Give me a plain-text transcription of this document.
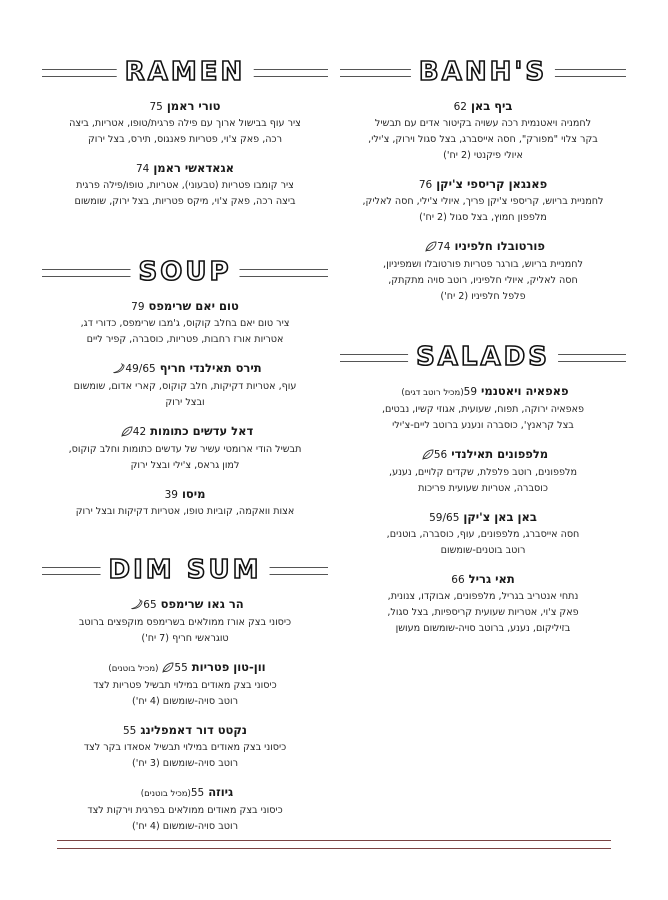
BANH'S
ביף באן62
לחמניה ויאטנמית רכה עשויה בקיטור אדים עם תבשיל
בקר צלוי "מפורק", חסה אייסברג, בצל סגול וירוק, צ'ילי,
איולי פיקנטי (2 יח')
פאנגאן קריספי צ'יקן76
לחמניית בריוש, קריספי צ'יקן פריך, איולי צ'ילי, חסה לאליק,
מלפפון חמוץ, בצל סגול (2 יח')
פורטובלו חלפיניו74
לחמניית בריוש, בורגר פטריות פורטובלו ושמפיניון,
חסה לאליק, איולי חלפיניו, רוטב סויה מתקתק,
פלפל חלפיניו (2 יח')
SALADS
פאפאיה ויאטנמי59(מכיל רוטב דגים)
פאפאיה ירוקה, תפוח, שעועית, אגוזי קשיו, נבטים,
בצל קראנץ', כוסברה ונענע ברוטב ליים-צ'ילי
מלפפונים תאילנדי56
מלפפונים, רוטב פלפלת, שקדים קלויים, נענע,
כוסברה, אטריות שעועית פריכות
באן באן צ'יקן59/65
חסה אייסברג, מלפפונים, עוף, כוסברה, בוטנים,
רוטב בוטנים-שומשום
תאי גריל66
נתחי אנטריב בגריל, מלפפונים, אבוקדו, צנונית,
פאק צ'וי, אטריות שעועית קריספיות, בצל סגול,
בזיליקום, נענע, ברוטב סויה-שומשום מעושן
RAMEN
טורי ראמן75
ציר עוף בבישול ארוך עם פילה פרגית/טופו, אטריות, ביצה
רכה, פאק צ'וי, פטריות פאנגוס, תירס, בצל ירוק
אגאדאשי ראמן74
ציר קומבו פטריות (טבעוני), אטריות, טופו/פילה פרגית
ביצה רכה, פאק צ'וי, מיקס פטריות, בצל ירוק, שומשום
SOUP
טום יאם שרימפס79
ציר טום יאם בחלב קוקוס, ג'מבו שרימפס, כדורי דג,
אטריות אורז רחבות, פטריות, כוסברה, קפיר ליים
תירס תאילנדי חריף49/65
עוף, אטריות דקיקות, חלב קוקוס, קארי אדום, שומשום
ובצל ירוק
דאל עדשים כתומות42
תבשיל הודי ארומטי עשיר של עדשים כתומות וחלב קוקוס,
למון גראס, צ'ילי ובצל ירוק
מיסו39
אצות וואקמה, קוביות טופו, אטריות דקיקות ובצל ירוק
DIM SUM
הר גאו שרימפס65
כיסוני בצק אורז ממולאים בשרימפס מוקפצים ברוטב
טוגראשי חריף (7 יח')
וון-טון פטריות55(מכיל בוטנים)
כיסוני בצק מאודים במילוי תבשיל פטריות לצד
רוטב סויה-שומשום (4 יח')
נקטט דור דאמפלינג55
כיסוני בצק מאודים במילוי תבשיל אסאדו בקר לצד
רוטב סויה-שומשום (3 יח')
גיוזה55(מכיל בוטנים)
כיסוני בצק מאודים ממולאים בפרגית וירקות לצד
רוטב סויה-שומשום (4 יח')
